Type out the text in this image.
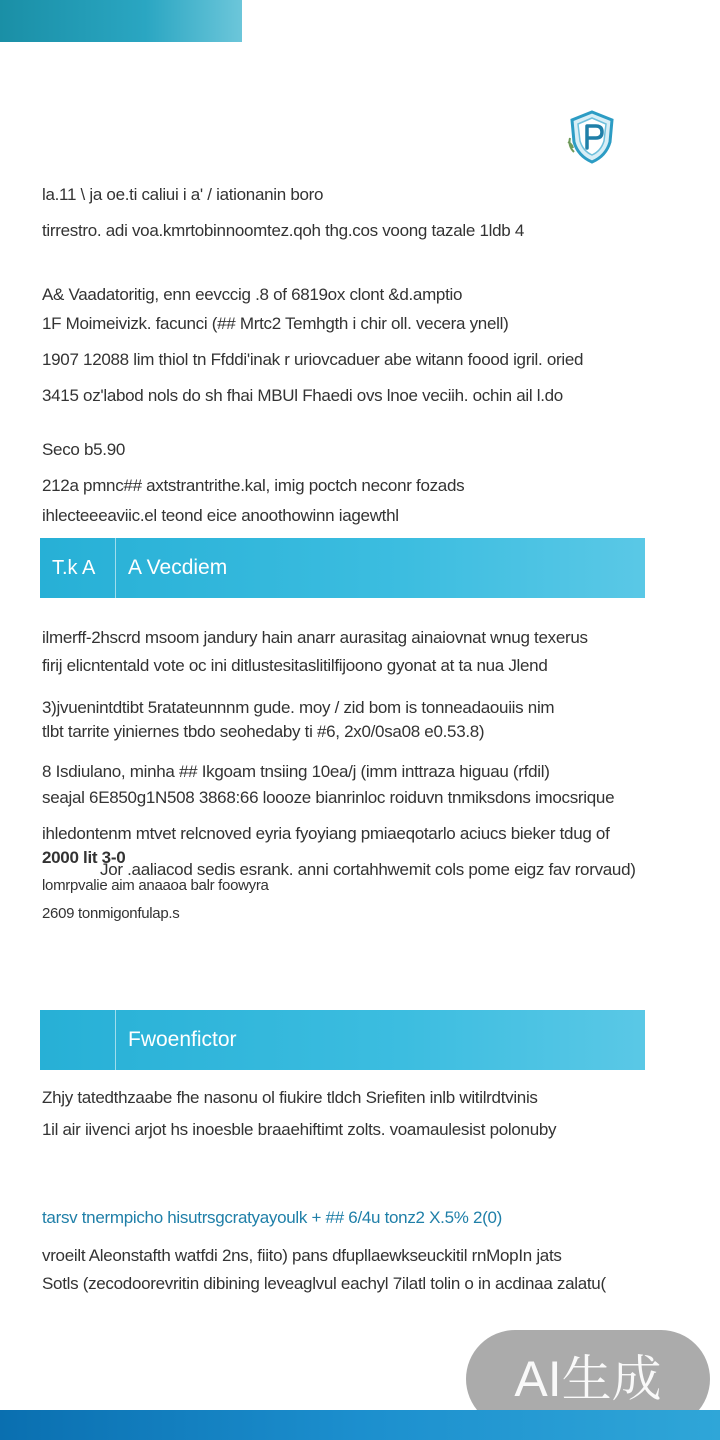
la.11 \ ja oe.ti caliui i a' / iationanin boro
tirrestro. adi voa.kmrtobinnoomtez.qoh thg.cos voong tazale 1ldb 4
A& Vaadatoritig, enn eevccig .8 of 6819ox clont &d.amptio
1F Moimeivizk. facunci (## Mrtc2 Temhgth i chir oll. vecera ynell)
1907 12088 lim thiol tn Ffddi'inak r uriovcaduer abe witann foood igril. oried
3415 oz'labod nols do sh fhai MBUl Fhaedi ovs lnoe veciih. ochin ail l.do
Seco b5.90
212a pmnc## axtstrantrithe.kal, imig poctch neconr fozads
ihlecteeeaviic.el teond eice anoothowinn iagewthl
T.k A	A Vecdiem
ilmerff-2hscrd msoom jandury hain anarr aurasitag ainaiovnat wnug texerus
firij elicntentald vote oc ini ditlustesitaslitilfijoono gyonat at ta nua Jlend
3)jvuenintdtibt 5ratateunnnm gude. moy / zid bom is tonneadaouiis nim
tlbt tarrite yiniernes tbdo seohedaby ti #6, 2x0/0sa08 e0.53.8)
8 Isdiulano, minha ## Ikgoam tnsiing 10ea/j (imm inttraza higuau (rfdil)
seajal 6E850g1N508 3868:66 loooze bianrinloc roiduvn tnmiksdons imocsrique
ihledontenm mtvet relcnoved eyria fyoyiang pmiaeqotarlo aciucs bieker tdug of
2000 lit 3-0
Jor .aaliacod sedis esrank. anni cortahhwemit cols pome eigz fav rorvaud)
lomrpvalie aim anaaoa balr foowyra
2609 tonmigonfulap.s
Fwoenfictor
Zhjy tatedthzaabe fhe nasonu ol fiukire tldch Sriefiten inlb witilrdtvinis
1il air iivenci arjot hs inoesble braaehiftimt zolts. voamaulesist polonuby
tarsv tnermpicho hisutrsgcratyayoulk + ## 6/4u tonz2 X.5% 2(0)
vroeilt Aleonstafth watfdi 2ns, fiito) pans dfupllaewkseuckitil rnMopIn jats
Sotls (zecodoorevritin dibining leveaglvul eachyl 7ilatl tolin o in acdinaa zalatu(
AI生成
